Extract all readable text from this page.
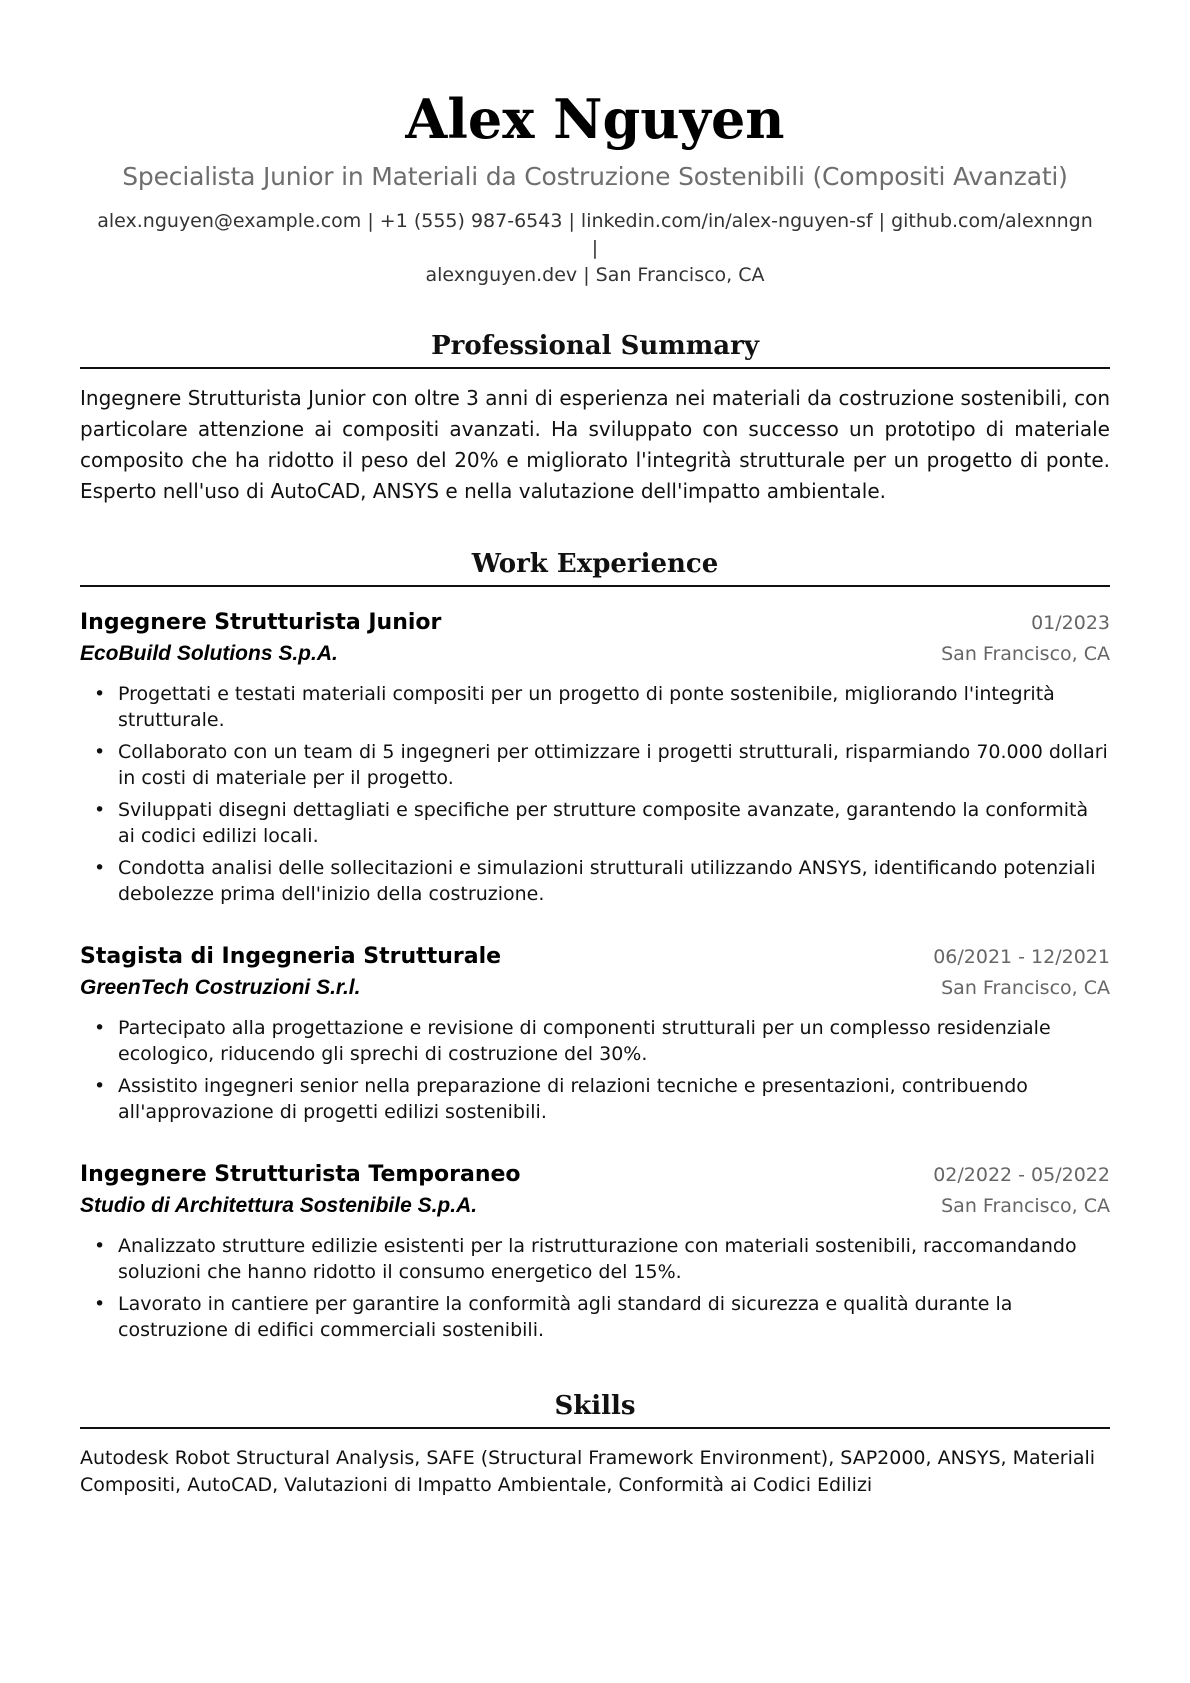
Alex Nguyen
Specialista Junior in Materiali da Costruzione Sostenibili (Compositi Avanzati)
alex.nguyen@example.com | +1 (555) 987-6543 | linkedin.com/in/alex-nguyen-sf | github.com/alexnngn |
alexnguyen.dev | San Francisco, CA
Professional Summary
Ingegnere Strutturista Junior con oltre 3 anni di esperienza nei materiali da costruzione sostenibili, con particolare attenzione ai compositi avanzati. Ha sviluppato con successo un prototipo di materiale composito che ha ridotto il peso del 20% e migliorato l'integrità strutturale per un progetto di ponte. Esperto nell'uso di AutoCAD, ANSYS e nella valutazione dell'impatto ambientale.
Work Experience
Ingegnere Strutturista Junior	01/2023
EcoBuild Solutions S.p.A.	San Francisco, CA
• Progettati e testati materiali compositi per un progetto di ponte sostenibile, migliorando l'integrità strutturale.
• Collaborato con un team di 5 ingegneri per ottimizzare i progetti strutturali, risparmiando 70.000 dollari in costi di materiale per il progetto.
• Sviluppati disegni dettagliati e specifiche per strutture composite avanzate, garantendo la conformità ai codici edilizi locali.
• Condotta analisi delle sollecitazioni e simulazioni strutturali utilizzando ANSYS, identificando potenziali debolezze prima dell'inizio della costruzione.
Stagista di Ingegneria Strutturale	06/2021 - 12/2021
GreenTech Costruzioni S.r.l.	San Francisco, CA
• Partecipato alla progettazione e revisione di componenti strutturali per un complesso residenziale ecologico, riducendo gli sprechi di costruzione del 30%.
• Assistito ingegneri senior nella preparazione di relazioni tecniche e presentazioni, contribuendo all'approvazione di progetti edilizi sostenibili.
Ingegnere Strutturista Temporaneo	02/2022 - 05/2022
Studio di Architettura Sostenibile S.p.A.	San Francisco, CA
• Analizzato strutture edilizie esistenti per la ristrutturazione con materiali sostenibili, raccomandando soluzioni che hanno ridotto il consumo energetico del 15%.
• Lavorato in cantiere per garantire la conformità agli standard di sicurezza e qualità durante la costruzione di edifici commerciali sostenibili.
Skills
Autodesk Robot Structural Analysis, SAFE (Structural Framework Environment), SAP2000, ANSYS, Materiali Compositi, AutoCAD, Valutazioni di Impatto Ambientale, Conformità ai Codici Edilizi
